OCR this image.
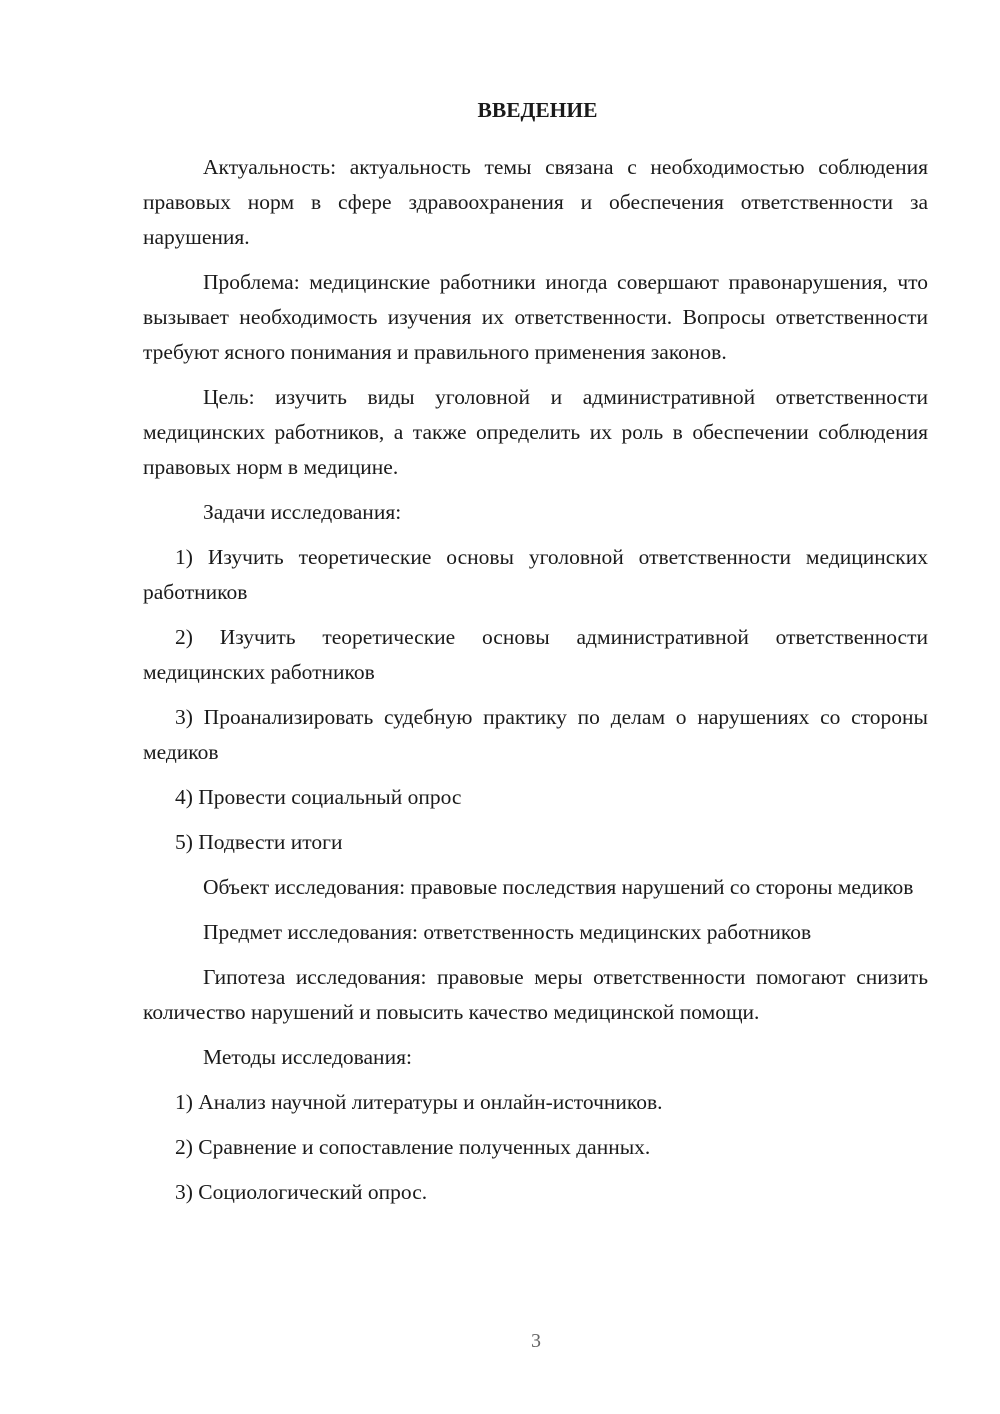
ВВЕДЕНИЕ

Актуальность: актуальность темы связана с необходимостью соблюдения правовых норм в сфере здравоохранения и обеспечения ответственности за нарушения.

Проблема: медицинские работники иногда совершают правонарушения, что вызывает необходимость изучения их ответственности. Вопросы ответственности требуют ясного понимания и правильного применения законов.

Цель: изучить виды уголовной и административной ответственности медицинских работников, а также определить их роль в обеспечении соблюдения правовых норм в медицине.

Задачи исследования:

1) Изучить теоретические основы уголовной ответственности медицинских работников

2) Изучить теоретические основы административной ответственности медицинских работников

3) Проанализировать судебную практику по делам о нарушениях со стороны медиков

4) Провести социальный опрос

5) Подвести итоги

Объект исследования: правовые последствия нарушений со стороны медиков

Предмет исследования: ответственность медицинских работников

Гипотеза исследования: правовые меры ответственности помогают снизить количество нарушений и повысить качество медицинской помощи.

Методы исследования:

1) Анализ научной литературы и онлайн-источников.

2) Сравнение и сопоставление полученных данных.

3) Социологический опрос.

3
